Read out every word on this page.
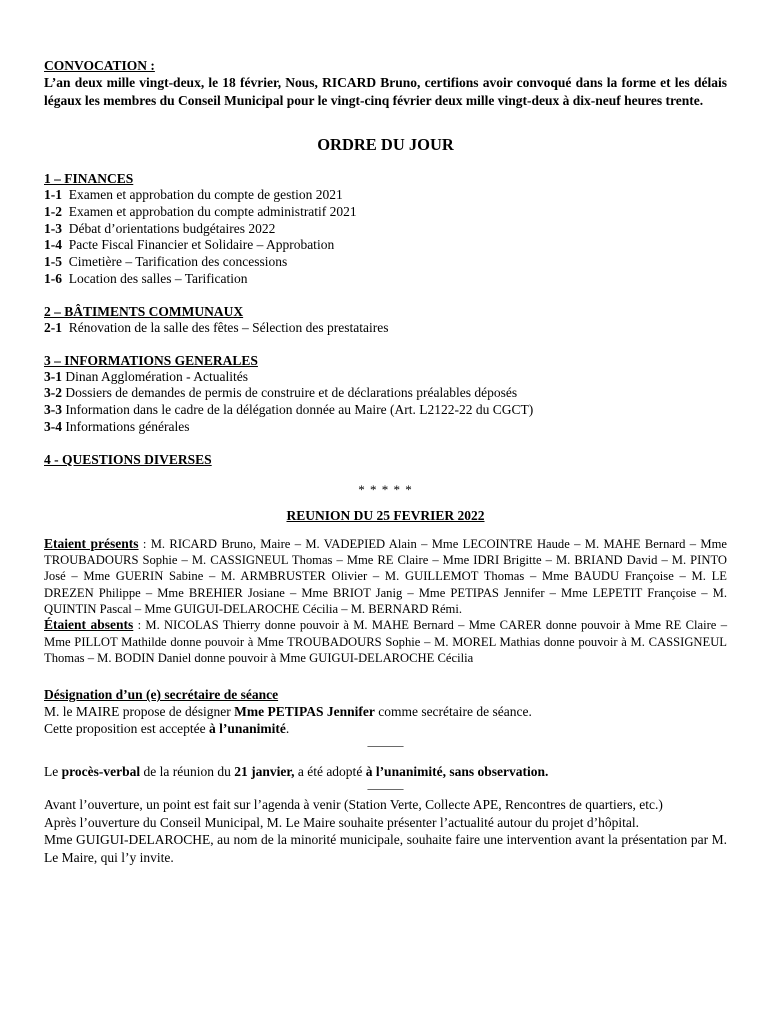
CONVOCATION :

L’an deux mille vingt-deux, le 18 février, Nous, RICARD Bruno, certifions avoir convoqué dans la forme et les délais légaux les membres du Conseil Municipal pour le vingt-cinq février deux mille vingt-deux à dix-neuf heures trente.

ORDRE DU JOUR

1 – FINANCES

1-1 Examen et approbation du compte de gestion 2021

1-2 Examen et approbation du compte administratif 2021

1-3 Débat d’orientations budgétaires 2022

1-4 Pacte Fiscal Financier et Solidaire – Approbation

1-5 Cimetière – Tarification des concessions

1-6 Location des salles – Tarification

2 – BÂTIMENTS COMMUNAUX

2-1 Rénovation de la salle des fêtes – Sélection des prestataires

3 – INFORMATIONS GENERALES

3-1 Dinan Agglomération - Actualités

3-2 Dossiers de demandes de permis de construire et de déclarations préalables déposés

3-3 Information dans le cadre de la délégation donnée au Maire (Art. L2122-22 du CGCT)

3-4 Informations générales

4 - QUESTIONS DIVERSES

* * * * *
REUNION DU 25 FEVRIER 2022

Etaient présents : M. RICARD Bruno, Maire – M. VADEPIED Alain – Mme LECOINTRE Haude – M. MAHE Bernard – Mme TROUBADOURS Sophie – M. CASSIGNEUL Thomas – Mme RE Claire – Mme IDRI Brigitte – M. BRIAND David – M. PINTO José – Mme GUERIN Sabine – M. ARMBRUSTER Olivier – M. GUILLEMOT Thomas – Mme BAUDU Françoise – M. LE DREZEN Philippe – Mme BREHIER Josiane – Mme BRIOT Janig – Mme PETIPAS Jennifer – Mme LEPETIT Françoise – M. QUINTIN Pascal – Mme GUIGUI-DELAROCHE Cécilia – M. BERNARD Rémi.

Étaient absents : M. NICOLAS Thierry donne pouvoir à M. MAHE Bernard – Mme CARER donne pouvoir à Mme RE Claire – Mme PILLOT Mathilde donne pouvoir à Mme TROUBADOURS Sophie – M. MOREL Mathias donne pouvoir à M. CASSIGNEUL Thomas – M. BODIN Daniel donne pouvoir à Mme GUIGUI-DELAROCHE Cécilia

Désignation d’un (e) secrétaire de séance

M. le MAIRE propose de désigner Mme PETIPAS Jennifer comme secrétaire de séance.

Cette proposition est acceptée à l’unanimité.

———

Le procès-verbal de la réunion du 21 janvier, a été adopté à l’unanimité, sans observation.

———

Avant l’ouverture, un point est fait sur l’agenda à venir (Station Verte, Collecte APE, Rencontres de quartiers, etc.)

Après l’ouverture du Conseil Municipal, M. Le Maire souhaite présenter l’actualité autour du projet d’hôpital.

Mme GUIGUI-DELAROCHE, au nom de la minorité municipale, souhaite faire une intervention avant la présentation par M. Le Maire, qui l’y invite.
